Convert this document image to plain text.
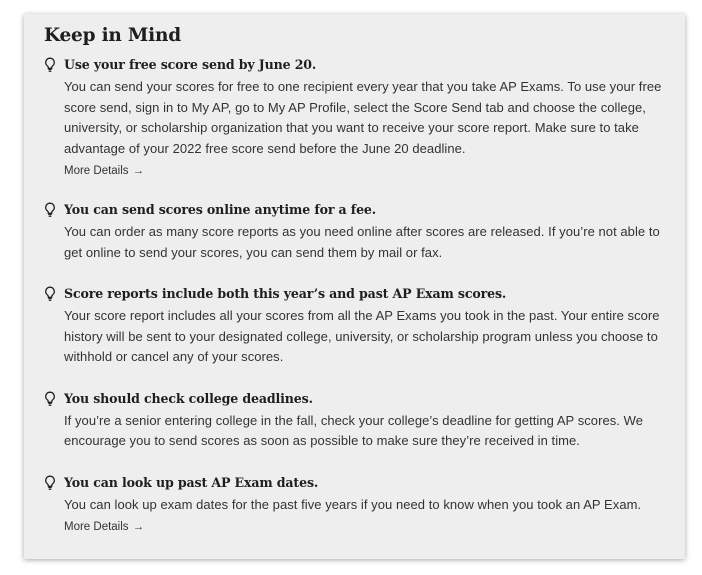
Keep in Mind

Use your free score send by June 20.

You can send your scores for free to one recipient every year that you take AP Exams. To use your free score send, sign in to My AP, go to My AP Profile, select the Score Send tab and choose the college, university, or scholarship organization that you want to receive your score report. Make sure to take advantage of your 2022 free score send before the June 20 deadline.

More Details →

You can send scores online anytime for a fee.

You can order as many score reports as you need online after scores are released. If you’re not able to get online to send your scores, you can send them by mail or fax.

Score reports include both this year’s and past AP Exam scores.

Your score report includes all your scores from all the AP Exams you took in the past. Your entire score history will be sent to your designated college, university, or scholarship program unless you choose to withhold or cancel any of your scores.

You should check college deadlines.

If you’re a senior entering college in the fall, check your college’s deadline for getting AP scores. We encourage you to send scores as soon as possible to make sure they’re received in time.

You can look up past AP Exam dates.

You can look up exam dates for the past five years if you need to know when you took an AP Exam.

More Details →
